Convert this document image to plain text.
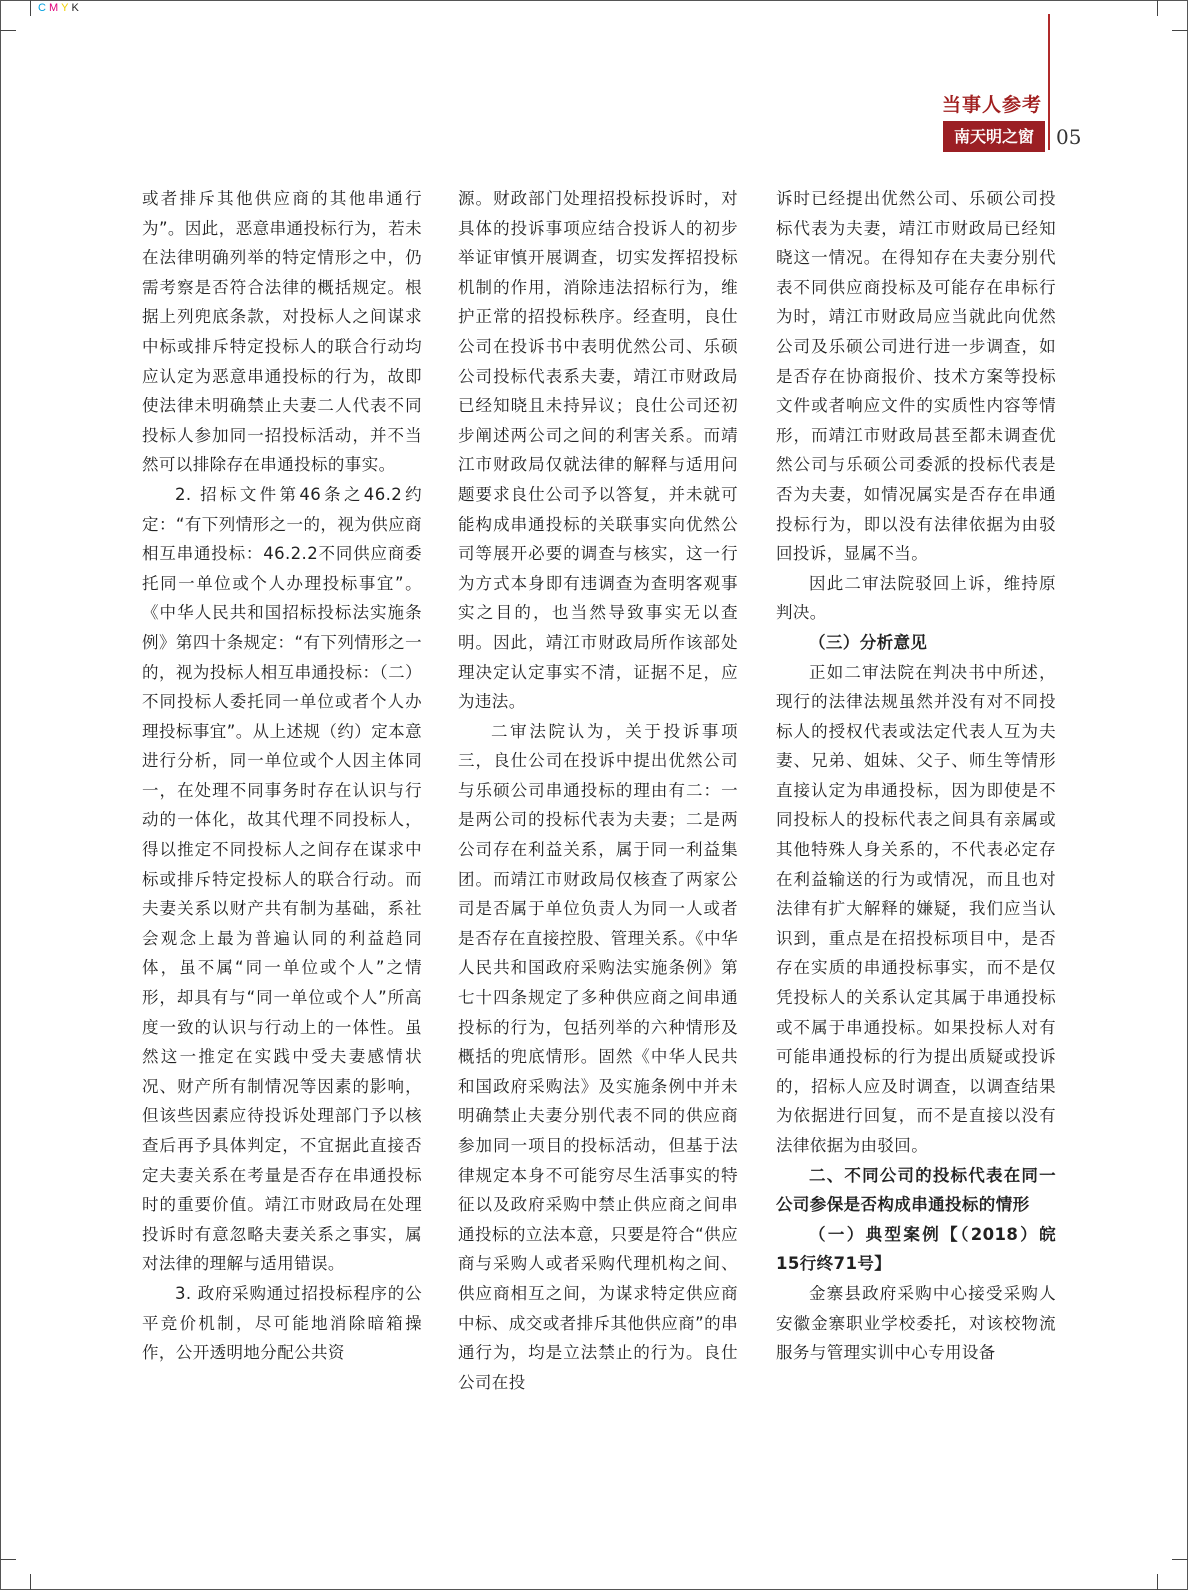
CMYK
当事人参考
南天明之窗	05

或者排斥其他供应商的其他串通行为”。因此，恶意串通投标行为，若未在法律明确列举的特定情形之中，仍需考察是否符合法律的概括规定。根据上列兜底条款，对投标人之间谋求中标或排斥特定投标人的联合行动均应认定为恶意串通投标的行为，故即使法律未明确禁止夫妻二人代表不同投标人参加同一招投标活动，并不当然可以排除存在串通投标的事实。

2. 招标文件第46条之46.2约定：“有下列情形之一的，视为供应商相互串通投标：46.2.2不同供应商委托同一单位或个人办理投标事宜”。《中华人民共和国招标投标法实施条例》第四十条规定：“有下列情形之一的，视为投标人相互串通投标：（二）不同投标人委托同一单位或者个人办理投标事宜”。从上述规（约）定本意进行分析，同一单位或个人因主体同一，在处理不同事务时存在认识与行动的一体化，故其代理不同投标人，得以推定不同投标人之间存在谋求中标或排斥特定投标人的联合行动。而夫妻关系以财产共有制为基础，系社会观念上最为普遍认同的利益趋同体，虽不属“同一单位或个人”之情形，却具有与“同一单位或个人”所高度一致的认识与行动上的一体性。虽然这一推定在实践中受夫妻感情状况、财产所有制情况等因素的影响，但该些因素应待投诉处理部门予以核查后再予具体判定，不宜据此直接否定夫妻关系在考量是否存在串通投标时的重要价值。靖江市财政局在处理投诉时有意忽略夫妻关系之事实，属对法律的理解与适用错误。

3. 政府采购通过招投标程序的公平竞价机制，尽可能地消除暗箱操作，公开透明地分配公共资

源。财政部门处理招投标投诉时，对具体的投诉事项应结合投诉人的初步举证审慎开展调查，切实发挥招投标机制的作用，消除违法招标行为，维护正常的招投标秩序。经查明，良仕公司在投诉书中表明优然公司、乐硕公司投标代表系夫妻，靖江市财政局已经知晓且未持异议；良仕公司还初步阐述两公司之间的利害关系。而靖江市财政局仅就法律的解释与适用问题要求良仕公司予以答复，并未就可能构成串通投标的关联事实向优然公司等展开必要的调查与核实，这一行为方式本身即有违调查为查明客观事实之目的，也当然导致事实无以查明。因此，靖江市财政局所作该部处理决定认定事实不清，证据不足，应为违法。

二审法院认为，关于投诉事项三，良仕公司在投诉中提出优然公司与乐硕公司串通投标的理由有二：一是两公司的投标代表为夫妻；二是两公司存在利益关系，属于同一利益集团。而靖江市财政局仅核查了两家公司是否属于单位负责人为同一人或者是否存在直接控股、管理关系。《中华人民共和国政府采购法实施条例》第七十四条规定了多种供应商之间串通投标的行为，包括列举的六种情形及概括的兜底情形。固然《中华人民共和国政府采购法》及实施条例中并未明确禁止夫妻分别代表不同的供应商参加同一项目的投标活动，但基于法律规定本身不可能穷尽生活事实的特征以及政府采购中禁止供应商之间串通投标的立法本意，只要是符合“供应商与采购人或者采购代理机构之间、供应商相互之间，为谋求特定供应商中标、成交或者排斥其他供应商”的串通行为，均是立法禁止的行为。良仕公司在投

诉时已经提出优然公司、乐硕公司投标代表为夫妻，靖江市财政局已经知晓这一情况。在得知存在夫妻分别代表不同供应商投标及可能存在串标行为时，靖江市财政局应当就此向优然公司及乐硕公司进行进一步调查，如是否存在协商报价、技术方案等投标文件或者响应文件的实质性内容等情形，而靖江市财政局甚至都未调查优然公司与乐硕公司委派的投标代表是否为夫妻，如情况属实是否存在串通投标行为，即以没有法律依据为由驳回投诉，显属不当。

因此二审法院驳回上诉，维持原判决。

（三）分析意见

正如二审法院在判决书中所述，现行的法律法规虽然并没有对不同投标人的授权代表或法定代表人互为夫妻、兄弟、姐妹、父子、师生等情形直接认定为串通投标，因为即使是不同投标人的投标代表之间具有亲属或其他特殊人身关系的，不代表必定存在利益输送的行为或情况，而且也对法律有扩大解释的嫌疑，我们应当认识到，重点是在招投标项目中，是否存在实质的串通投标事实，而不是仅凭投标人的关系认定其属于串通投标或不属于串通投标。如果投标人对有可能串通投标的行为提出质疑或投诉的，招标人应及时调查，以调查结果为依据进行回复，而不是直接以没有法律依据为由驳回。

二、不同公司的投标代表在同一公司参保是否构成串通投标的情形

（一）典型案例【（2018）皖15行终71号】

金寨县政府采购中心接受采购人安徽金寨职业学校委托，对该校物流服务与管理实训中心专用设备
